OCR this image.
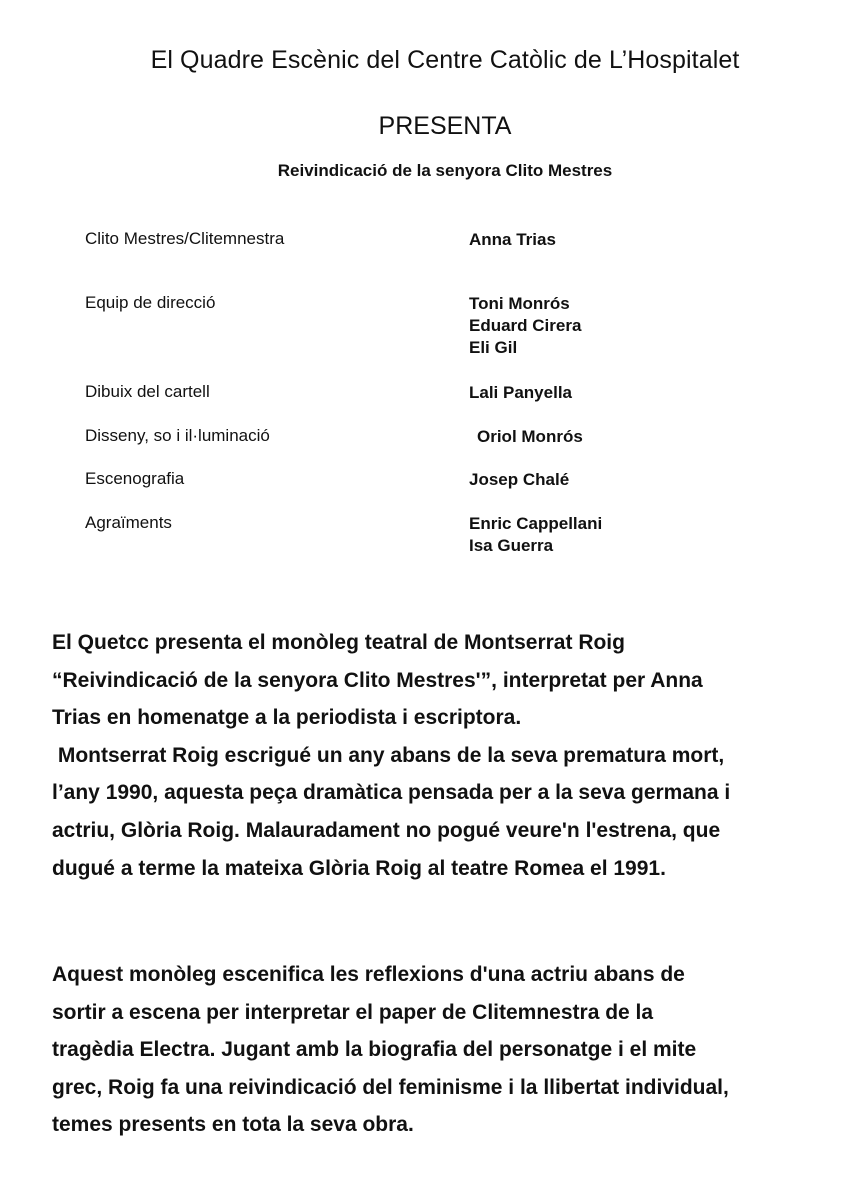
El Quadre Escènic del Centre Catòlic de L’Hospitalet
PRESENTA
Reivindicació de la senyora Clito Mestres
Clito Mestres/Clitemnestra	Anna Trias
Equip de direcció	Toni Monrós
Eduard Cirera
Eli Gil
Dibuix del cartell	Lali Panyella
Disseny, so i il·luminació	Oriol Monrós
Escenografia	Josep Chalé
Agraïments	Enric Cappellani
Isa Guerra
El Quetcc presenta el monòleg teatral de Montserrat Roig
“Reivindicació de la senyora Clito Mestres'”, interpretat per Anna
Trias en homenatge a la periodista i escriptora.
Montserrat Roig escrigué un any abans de la seva prematura mort,
l’any 1990, aquesta peça dramàtica pensada per a la seva germana i
actriu, Glòria Roig. Malauradament no pogué veure'n l'estrena, que
dugué a terme la mateixa Glòria Roig al teatre Romea el 1991.
Aquest monòleg escenifica les reflexions d'una actriu abans de
sortir a escena per interpretar el paper de Clitemnestra de la
tragèdia Electra. Jugant amb la biografia del personatge i el mite
grec, Roig fa una reivindicació del feminisme i la llibertat individual,
temes presents en tota la seva obra.
